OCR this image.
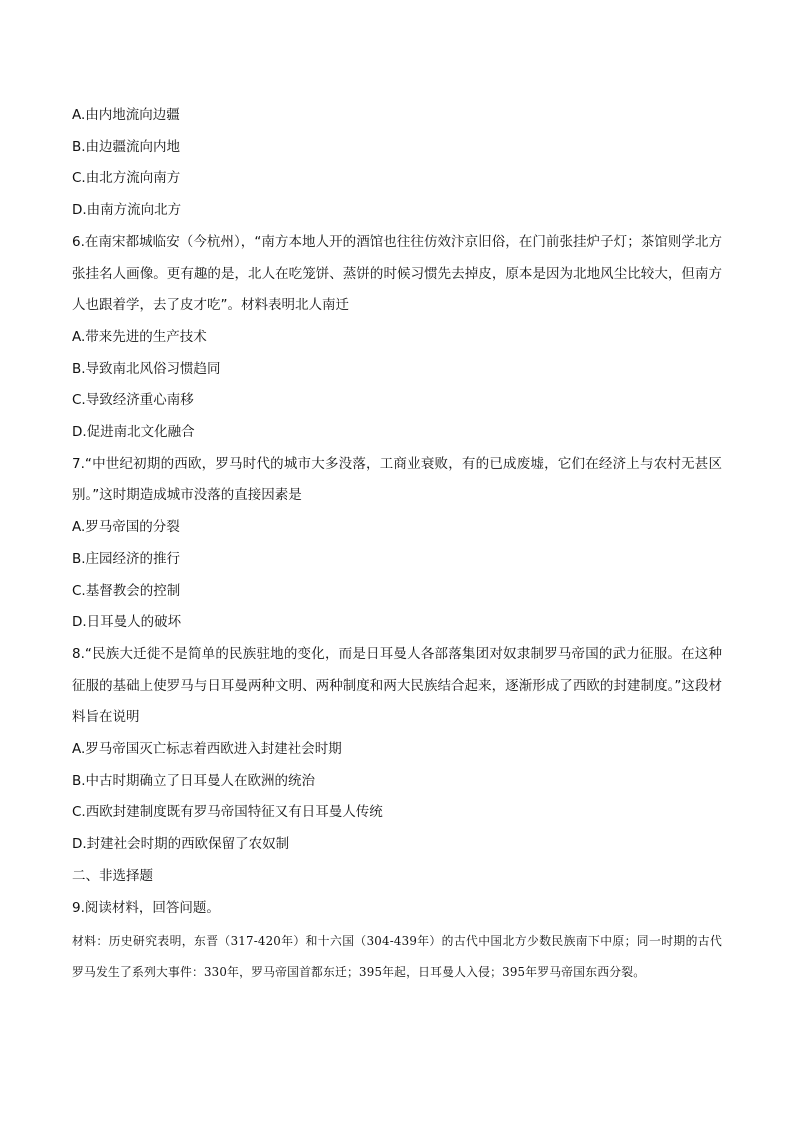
A.由内地流向边疆
B.由边疆流向内地
C.由北方流向南方
D.由南方流向北方
6.在南宋都城临安（今杭州），“南方本地人开的酒馆也往往仿效汴京旧俗，在门前张挂炉子灯；茶馆则学北方张挂名人画像。更有趣的是，北人在吃笼饼、蒸饼的时候习惯先去掉皮，原本是因为北地风尘比较大，但南方人也跟着学，去了皮才吃”。材料表明北人南迁
A.带来先进的生产技术
B.导致南北风俗习惯趋同
C.导致经济重心南移
D.促进南北文化融合
7.“中世纪初期的西欧，罗马时代的城市大多没落，工商业衰败，有的已成废墟，它们在经济上与农村无甚区别。”这时期造成城市没落的直接因素是
A.罗马帝国的分裂
B.庄园经济的推行
C.基督教会的控制
D.日耳曼人的破坏
8.“民族大迁徙不是简单的民族驻地的变化，而是日耳曼人各部落集团对奴隶制罗马帝国的武力征服。在这种征服的基础上使罗马与日耳曼两种文明、两种制度和两大民族结合起来，逐渐形成了西欧的封建制度。”这段材料旨在说明
A.罗马帝国灭亡标志着西欧进入封建社会时期
B.中古时期确立了日耳曼人在欧洲的统治
C.西欧封建制度既有罗马帝国特征又有日耳曼人传统
D.封建社会时期的西欧保留了农奴制
二、非选择题
9.阅读材料，回答问题。
材料：历史研究表明，东晋（317-420年）和十六国（304-439年）的古代中国北方少数民族南下中原；同一时期的古代罗马发生了系列大事件：330年，罗马帝国首都东迁；395年起，日耳曼人入侵；395年罗马帝国东西分裂。
